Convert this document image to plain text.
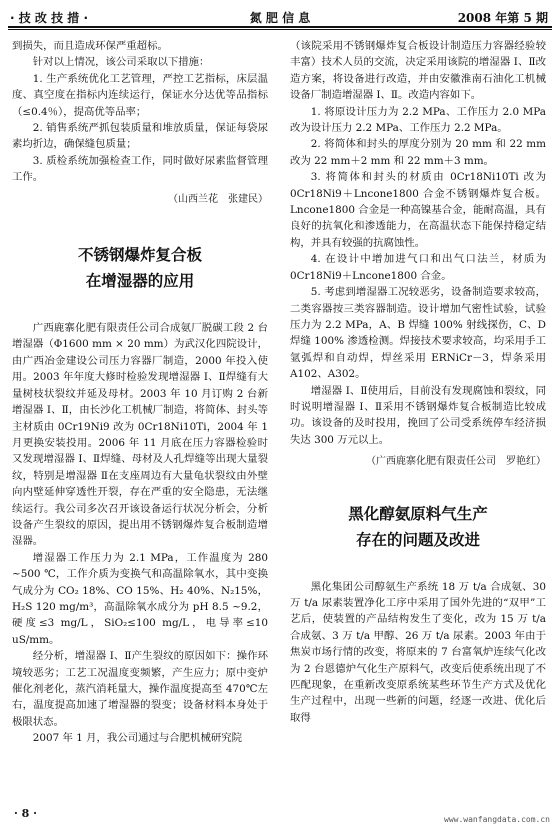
· 技 改 技 措 ·	氮 肥 信 息	2008 年第 5 期

到损失，而且造成环保严重超标。

针对以上情况，该公司采取以下措施：

1. 生产系统优化工艺管理，严控工艺指标，床层温度、真空度在指标内连续运行，保证水分达优等品指标（≤0.4％），提高优等品率；

2. 销售系统严抓包装质量和堆放质量，保证每袋尿素均折边，确保缝包质量；

3. 质检系统加强检查工作，同时做好尿素监督管理工作。

（山西兰花　张建民）
不锈钢爆炸复合板
在增湿器的应用

广西鹿寨化肥有限责任公司合成氨厂脱碳工段 2 台增湿器（Φ1600 mm × 20 mm）为武汉化四院设计，由广西冶金建设公司压力容器厂制造，2000 年投入使用。2003 年年度大修时检验发现增湿器 Ⅰ、Ⅱ焊缝有大量树枝状裂纹并延及母材。2003 年 10 月订购 2 台新增湿器 Ⅰ、Ⅱ，由长沙化工机械厂制造，将简体、封头等主材质由 0Cr19Ni9 改为 0Cr18Ni10Ti，2004 年 1 月更换安装投用。2006 年 11 月底在压力容器检验时又发现增湿器 Ⅰ、Ⅱ焊缝、母材及人孔焊缝等出现大量裂纹，特别是增湿器 Ⅱ在支座周边有大量龟状裂纹由外壁向内壁延伸穿透性开裂，存在严重的安全隐患，无法继续运行。我公司多次召开该设备运行状况分析会，分析设备产生裂纹的原因，提出用不锈钢爆炸复合板制造增湿器。

增湿器工作压力为 2.1 MPa，工作温度为 280 ~500 ℃，工作介质为变换气和高温除氧水，其中变换气成分为 CO₂ 18%、CO 15%、H₂ 40%、N₂15%，H₂S 120 mg/m³，高温除氧水成分为 pH 8.5 ~9.2，硬度≤3 mg/L，SiO₂≤100 mg/L，电导率≤10 uS/mm。

经分析，增湿器 Ⅰ、Ⅱ产生裂纹的原因如下：操作环境较恶劣；工艺工况温度变频繁，产生应力；原中变炉催化剂老化，蒸汽消耗量大，操作温度提高至 470℃左右，温度提高加速了增湿器的裂变；设备材料本身处于极限状态。

2007 年 1 月，我公司通过与合肥机械研究院

（该院采用不锈钢爆炸复合板设计制造压力容器经验较丰富）技术人员的交流，决定采用该院的增湿器 Ⅰ、Ⅱ改造方案，将设备进行改造，并由安徽淮南石油化工机械设备厂制造增湿器 Ⅰ、Ⅱ。改造内容如下。

1. 将原设计压力为 2.2 MPa、工作压力 2.0 MPa 改为设计压力 2.2 MPa、工作压力 2.2 MPa。

2. 将简体和封头的厚度分别为 20 mm 和 22 mm 改为 22 mm＋2 mm 和 22 mm＋3 mm。

3. 将简体和封头的材质由 0Cr18Ni10Ti 改为 0Cr18Ni9＋Lncone1800 合金不锈钢爆炸复合板。Lncone1800 合金是一种高镍基合金，能耐高温，具有良好的抗氧化和渗透能力，在高温状态下能保持稳定结构，并具有较强的抗腐蚀性。

4. 在设计中增加进气口和出气口法兰，材质为 0Cr18Ni9＋Lncone1800 合金。

5. 考虑到增湿器工况较恶劣，设备制造要求较高，二类容器按三类容器制造。设计增加气密性试验，试验压力为 2.2 MPa，A、B 焊缝 100% 射线探伤，C、D 焊缝 100% 渗透检测。焊接技术要求较高，均采用手工氩弧焊和自动焊，焊丝采用 ERNiCr－3，焊条采用 A102、A302。

增湿器 Ⅰ、Ⅱ使用后，目前没有发现腐蚀和裂纹，同时说明增湿器 Ⅰ、Ⅱ采用不锈钢爆炸复合板制造比较成功。该设备的及时投用，挽回了公司受系统停车经济损失达 300 万元以上。

（广西鹿寨化肥有限责任公司　罗艳红）
黑化醇氨原料气生产
存在的问题及改进

黑化集团公司醇氨生产系统 18 万 t/a 合成氨、30 万 t/a 尿素装置净化工序中采用了国外先进的“双甲”工艺后，使装置的产品结构发生了变化，改为 15 万 t/a 合成氨、3 万 t/a 甲醇、26 万 t/a 尿素。2003 年由于焦炭市场行情的改变，将原来的 7 台富氧炉连续气化改为 2 台恩德炉气化生产原料气，改变后使系统出现了不匹配现象，在重新改变原系统某些环节生产方式及优化生产过程中，出现一些新的问题，经逐一改进、优化后取得

· 8 ·	www.wanfangdata.com.cn
